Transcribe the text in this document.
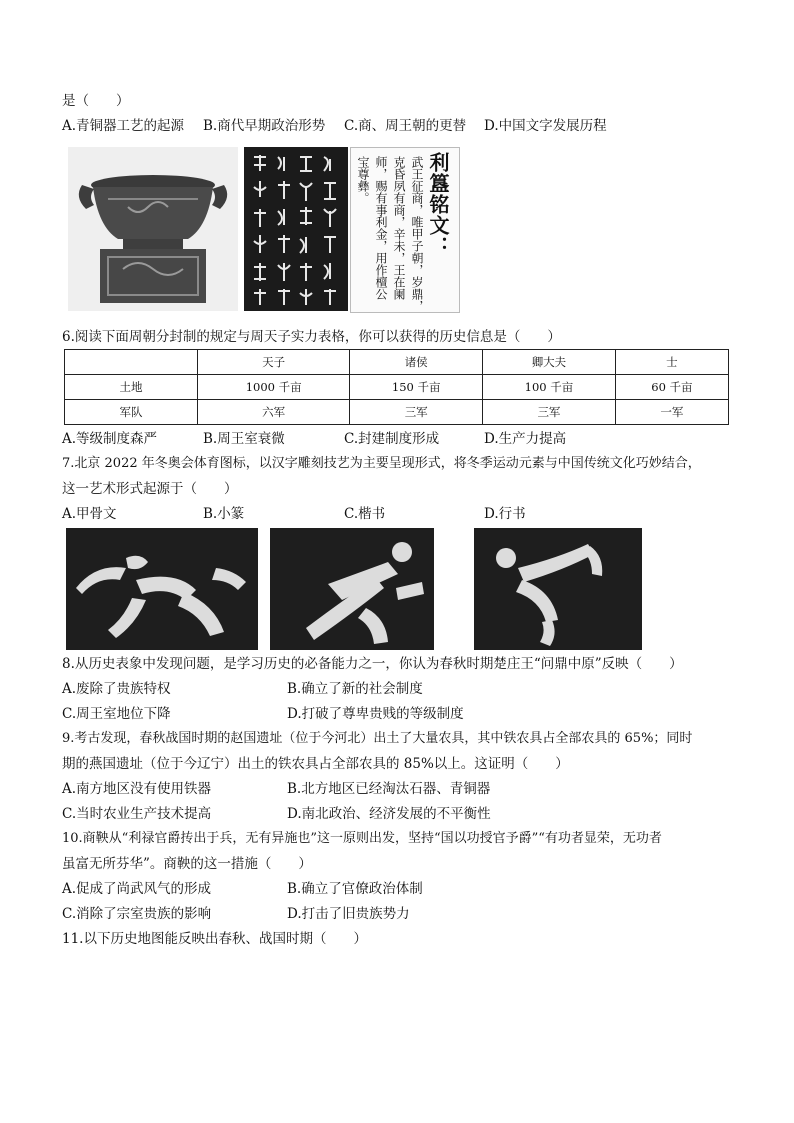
是（　　）
A.青铜器工艺的起源 B.商代早期政治形势 C.商、周王朝的更替 D.中国文字发展历程
利簋铭文：
武王征商，唯甲子朝，岁鼎，
克昏夙有商，辛未，王在阑
师，赐有事利金，用作檀公
宝尊彝。
6.阅读下面周朝分封制的规定与周天子实力表格，你可以获得的历史信息是（　　）
	天子	诸侯	卿大夫	士
土地	1000 千亩	150 千亩	100 千亩	60 千亩
军队	六军	三军	三军	一军
A.等级制度森严	B.周王室衰微	C.封建制度形成	D.生产力提高
7.北京 2022 年冬奥会体育图标，以汉字雕刻技艺为主要呈现形式，将冬季运动元素与中国传统文化巧妙结合，
这一艺术形式起源于（　　）
A.甲骨文	B.小篆	C.楷书	D.行书
8.从历史表象中发现问题，是学习历史的必备能力之一，你认为春秋时期楚庄王“问鼎中原”反映（　　）
A.废除了贵族特权	B.确立了新的社会制度
C.周王室地位下降	D.打破了尊卑贵贱的等级制度
9.考古发现，春秋战国时期的赵国遗址（位于今河北）出土了大量农具，其中铁农具占全部农具的 65%；同时
期的燕国遗址（位于今辽宁）出土的铁农具占全部农具的 85%以上。这证明（　　）
A.南方地区没有使用铁器	B.北方地区已经淘汰石器、青铜器
C.当时农业生产技术提高	D.南北政治、经济发展的不平衡性
10.商鞅从“利禄官爵抟出于兵，无有异施也”这一原则出发，坚持“国以功授官予爵”“有功者显荣，无功者
虽富无所芬华”。商鞅的这一措施（　　）
A.促成了尚武风气的形成	B.确立了官僚政治体制
C.消除了宗室贵族的影响	D.打击了旧贵族势力
11.以下历史地图能反映出春秋、战国时期（　　）
